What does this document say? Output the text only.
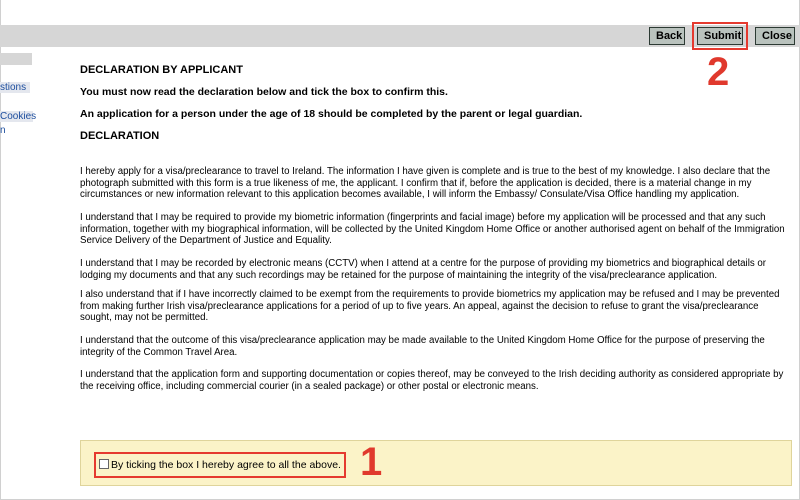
Back	Submit	Close
2
stions
Cookies
n
DECLARATION BY APPLICANT
You must now read the declaration below and tick the box to confirm this.
An application for a person under the age of 18 should be completed by the parent or legal guardian.
DECLARATION

I hereby apply for a visa/preclearance to travel to Ireland. The information I have given is complete and is true to the best of my knowledge. I also declare that the photograph submitted with this form is a true likeness of me, the applicant. I confirm that if, before the application is decided, there is a material change in my circumstances or new information relevant to this application becomes available, I will inform the Embassy/ Consulate/Visa Office handling my application.

I understand that I may be required to provide my biometric information (fingerprints and facial image) before my application will be processed and that any such information, together with my biographical information, will be collected by the United Kingdom Home Office or another authorised agent on behalf of the Immigration Service Delivery of the Department of Justice and Equality.

I understand that I may be recorded by electronic means (CCTV) when I attend at a centre for the purpose of providing my biometrics and biographical details or lodging my documents and that any such recordings may be retained for the purpose of maintaining the integrity of the visa/preclearance application.

I also understand that if I have incorrectly claimed to be exempt from the requirements to provide biometrics my application may be refused and I may be prevented from making further Irish visa/preclearance applications for a period of up to five years. An appeal, against the decision to refuse to grant the visa/preclearance sought, may not be permitted.

I understand that the outcome of this visa/preclearance application may be made available to the United Kingdom Home Office for the purpose of preserving the integrity of the Common Travel Area.

I understand that the application form and supporting documentation or copies thereof, may be conveyed to the Irish deciding authority as considered appropriate by the receiving office, including commercial courier (in a sealed package) or other postal or electronic means.

By ticking the box I hereby agree to all the above. 1
